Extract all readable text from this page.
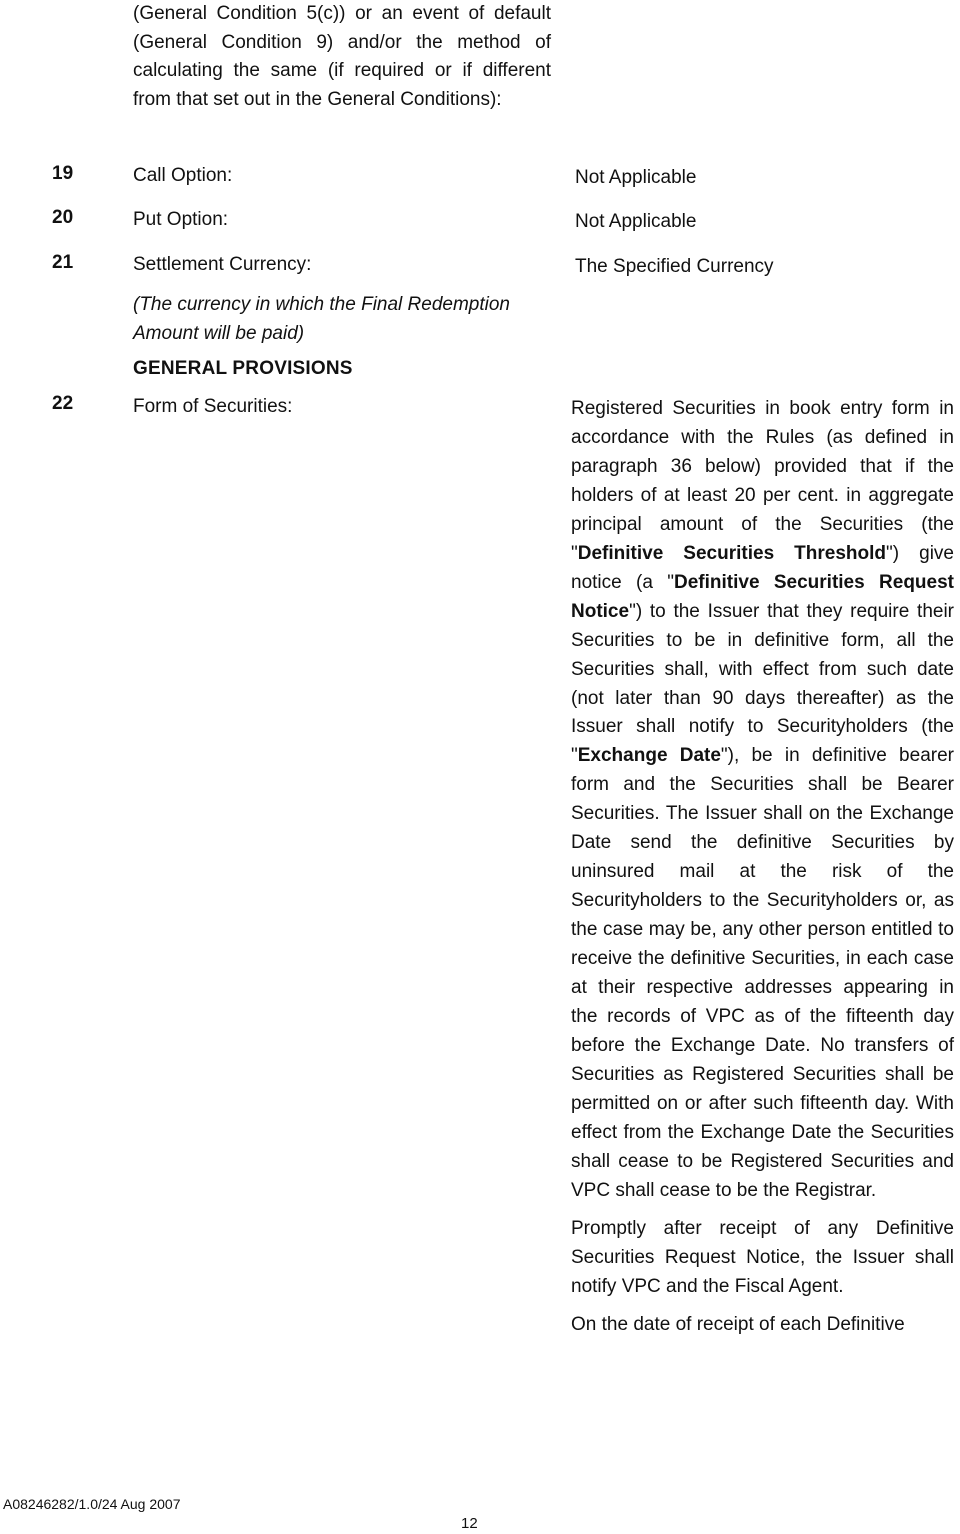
(General Condition 5(c)) or an event of default (General Condition 9) and/or the method of calculating the same (if required or if different from that set out in the General Conditions):
19	Call Option:	Not Applicable
20	Put Option:	Not Applicable
21	Settlement Currency:	The Specified Currency
(The currency in which the Final Redemption Amount will be paid)
GENERAL PROVISIONS
22	Form of Securities:	Registered Securities in book entry form in accordance with the Rules (as defined in paragraph 36 below) provided that if the holders of at least 20 per cent. in aggregate principal amount of the Securities (the "Definitive Securities Threshold") give notice (a "Definitive Securities Request Notice") to the Issuer that they require their Securities to be in definitive form, all the Securities shall, with effect from such date (not later than 90 days thereafter) as the Issuer shall notify to Securityholders (the "Exchange Date"), be in definitive bearer form and the Securities shall be Bearer Securities. The Issuer shall on the Exchange Date send the definitive Securities by uninsured mail at the risk of the Securityholders to the Securityholders or, as the case may be, any other person entitled to receive the definitive Securities, in each case at their respective addresses appearing in the records of VPC as of the fifteenth day before the Exchange Date. No transfers of Securities as Registered Securities shall be permitted on or after such fifteenth day. With effect from the Exchange Date the Securities shall cease to be Registered Securities and VPC shall cease to be the Registrar.

Promptly after receipt of any Definitive Securities Request Notice, the Issuer shall notify VPC and the Fiscal Agent.

On the date of receipt of each Definitive

A08246282/1.0/24 Aug 2007
12
